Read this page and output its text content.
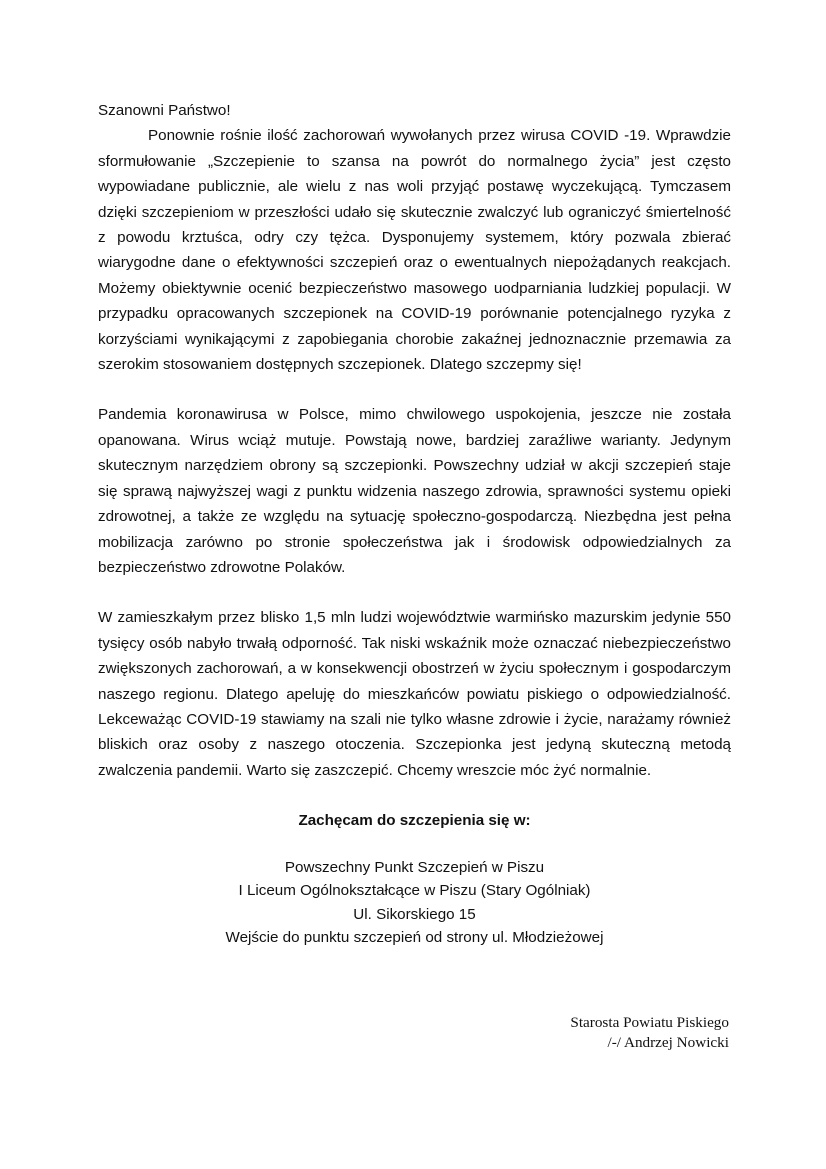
Szanowni Państwo!

Ponownie rośnie ilość zachorowań wywołanych przez wirusa COVID -19. Wprawdzie sformułowanie „Szczepienie to szansa na powrót do normalnego życia” jest często wypowiadane publicznie, ale wielu z nas woli przyjąć postawę wyczekującą. Tymczasem dzięki szczepieniom w przeszłości udało się skutecznie zwalczyć lub ograniczyć śmiertelność z powodu krztuśca, odry czy tężca. Dysponujemy systemem, który pozwala zbierać wiarygodne dane o efektywności szczepień oraz o ewentualnych niepożądanych reakcjach. Możemy obiektywnie ocenić bezpieczeństwo masowego uodparniania ludzkiej populacji. W przypadku opracowanych szczepionek na COVID-19 porównanie potencjalnego ryzyka z korzyściami wynikającymi z zapobiegania chorobie zakaźnej jednoznacznie przemawia za szerokim stosowaniem dostępnych szczepionek. Dlatego szczepmy się!

Pandemia koronawirusa w Polsce, mimo chwilowego uspokojenia, jeszcze nie została opanowana. Wirus wciąż mutuje. Powstają nowe, bardziej zaraźliwe warianty. Jedynym skutecznym narzędziem obrony są szczepionki. Powszechny udział w akcji szczepień staje się sprawą najwyższej wagi z punktu widzenia naszego zdrowia, sprawności systemu opieki zdrowotnej, a także ze względu na sytuację społeczno-gospodarczą. Niezbędna jest pełna mobilizacja zarówno po stronie społeczeństwa jak i środowisk odpowiedzialnych za bezpieczeństwo zdrowotne Polaków.

W zamieszkałym przez blisko 1,5 mln ludzi województwie warmińsko mazurskim jedynie 550 tysięcy osób nabyło trwałą odporność. Tak niski wskaźnik może oznaczać niebezpieczeństwo zwiększonych zachorowań, a w konsekwencji obostrzeń w życiu społecznym i gospodarczym naszego regionu. Dlatego apeluję do mieszkańców powiatu piskiego o odpowiedzialność. Lekceważąc COVID-19 stawiamy na szali nie tylko własne zdrowie i życie, narażamy również bliskich oraz osoby z naszego otoczenia. Szczepionka jest jedyną skuteczną metodą zwalczenia pandemii. Warto się zaszczepić. Chcemy wreszcie móc żyć normalnie.

Zachęcam do szczepienia się w:

Powszechny Punkt Szczepień w Piszu
I Liceum Ogólnokształcące w Piszu (Stary Ogólniak)
Ul. Sikorskiego 15
Wejście do punktu szczepień od strony ul. Młodzieżowej
Starosta Powiatu Piskiego
/-/ Andrzej Nowicki
